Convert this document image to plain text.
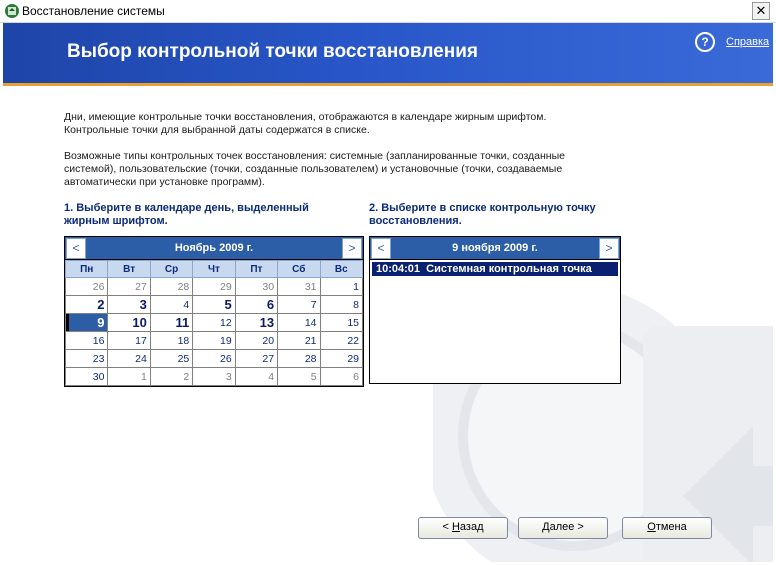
Восстановление системы	✕
Выбор контрольной точки восстановления	?	Справка
Дни, имеющие контрольные точки восстановления, отображаются в календаре жирным шрифтом.
Контрольные точки для выбранной даты содержатся в списке.
Возможные типы контрольных точек восстановления: системные (запланированные точки, созданные
системой), пользовательские (точки, созданные пользователем) и установочные (точки, создаваемые
автоматически при установке программ).
1. Выберите в календаре день, выделенный
жирным шрифтом.
2. Выберите в списке контрольную точку
восстановления.
<	Ноябрь 2009 г.	>
Пн	Вт	Ср	Чт	Пт	Сб	Вс
26	27	28	29	30	31	1
2	3	4	5	6	7	8
9	10	11	12	13	14	15
16	17	18	19	20	21	22
23	24	25	26	27	28	29
30	1	2	3	4	5	6
<	9 ноября 2009 г.	>
10:04:01 Системная контрольная точка
< Назад	Далее >	Отмена
